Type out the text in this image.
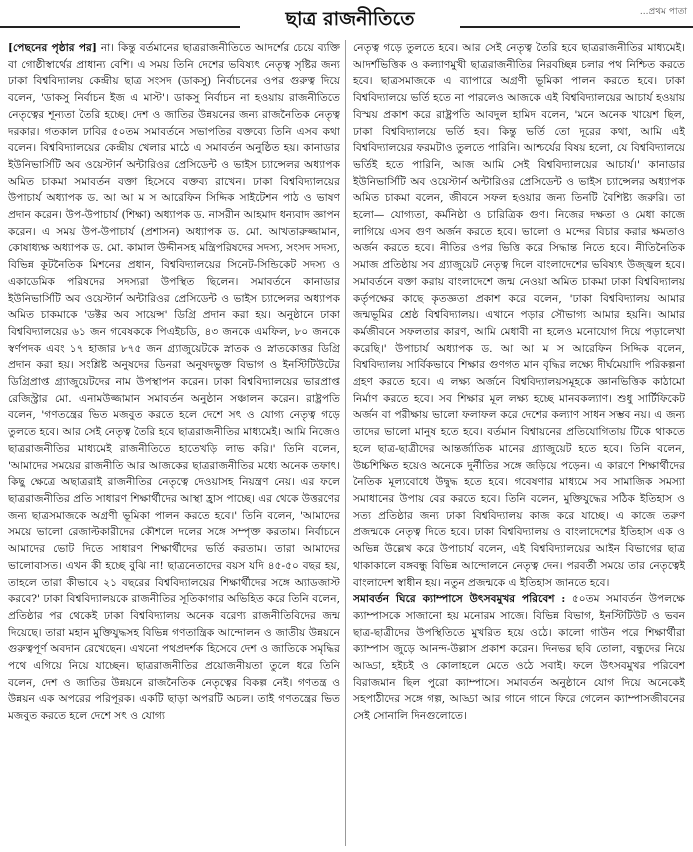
...প্ৰথম পাতা
ছাত্র রাজনীতিতে

[পেছনের পৃষ্ঠার পর] না। কিন্তু বর্তমানের ছাত্ররাজনীতিতে আদর্শের চেয়ে ব্যক্তি বা গোষ্ঠীস্বার্থের প্রাধান্য বেশি। এ সময় তিনি দেশের ভবিষ্যৎ নেতৃত্ব সৃষ্টির জন্য ঢাকা বিশ্ববিদ্যালয় কেন্দ্রীয় ছাত্র সংসদ (ডাকসু) নির্বাচনের ওপর গুরুত্ব দিয়ে বলেন, 'ডাকসু নির্বাচন ইজ এ মাস্ট'। ডাকসু নির্বাচন না হওয়ায় রাজনীতিতে নেতৃত্বের শূন্যতা তৈরি হচ্ছে। দেশ ও জাতির উন্নয়নের জন্য রাজনৈতিক নেতৃত্ব দরকার। গতকাল ঢাবির ৫০তম সমাবর্তনে সভাপতির বক্তব্যে তিনি এসব কথা বলেন। বিশ্ববিদ্যালয়ের কেন্দ্রীয় খেলার মাঠে এ সমাবর্তন অনুষ্ঠিত হয়। কানাডার ইউনিভার্সিটি অব ওয়েস্টার্ন অন্টারিওর প্রেসিডেন্ট ও ভাইস চ্যান্সেলর অধ্যাপক অমিত চাকমা সমাবর্তন বক্তা হিসেবে বক্তব্য রাখেন। ঢাকা বিশ্ববিদ্যালয়ের উপাচার্য অধ্যাপক ড. আ আ ম স আরেফিন সিদ্দিক সাইটেশন পাঠ ও ভাষণ প্রদান করেন। উপ-উপাচার্য (শিক্ষা) অধ্যাপক ড. নাসরীন আহমাদ ধন্যবাদ জ্ঞাপন করেন। এ সময় উপ-উপাচার্য (প্রশাসন) অধ্যাপক ড. মো. আখতারুজ্জামান, কোষাধ্যক্ষ অধ্যাপক ড. মো. কামাল উদ্দীনসহ মন্ত্রিপরিষদের সদস্য, সংসদ সদস্য, বিভিন্ন কূটনৈতিক মিশনের প্রধান, বিশ্ববিদ্যালয়ের সিনেট-সিন্ডিকেট সদস্য ও একাডেমিক পরিষদের সদস্যরা উপস্থিত ছিলেন। সমাবর্তনে কানাডার ইউনিভার্সিটি অব ওয়েস্টার্ন অন্টারিওর প্রেসিডেন্ট ও ভাইস চ্যান্সেলর অধ্যাপক অমিত চাকমাকে 'ডক্টর অব সায়েন্স' ডিগ্রি প্রদান করা হয়। অনুষ্ঠানে ঢাকা বিশ্ববিদ্যালয়ের ৬১ জন গবেষককে পিএইচডি, ৪৩ জনকে এমফিল, ৮০ জনকে স্বর্ণপদক এবং ১৭ হাজার ৮৭৫ জন গ্র্যাজুয়েটকে স্নাতক ও স্নাতকোত্তর ডিগ্রি প্রদান করা হয়। সংশ্লিষ্ট অনুষদের ডিনরা অনুষদভুক্ত বিভাগ ও ইনস্টিটিউটের ডিগ্রিপ্রাপ্ত গ্র্যাজুয়েটদের নাম উপস্থাপন করেন। ঢাকা বিশ্ববিদ্যালয়ের ভারপ্রাপ্ত রেজিস্ট্রার মো. এনামউজ্জামান সমাবর্তন অনুষ্ঠান সঞ্চালন করেন। রাষ্ট্রপতি বলেন, 'গণতন্ত্রের ভিত মজবুত করতে হলে দেশে সৎ ও যোগ্য নেতৃত্ব গড়ে তুলতে হবে। আর সেই নেতৃত্ব তৈরি হবে ছাত্ররাজনীতির মাধ্যমেই। আমি নিজেও ছাত্ররাজনীতির মাধ্যমেই রাজনীতিতে হাতেখড়ি লাভ করি।' তিনি বলেন, 'আমাদের সময়ের রাজনীতি আর আজকের ছাত্ররাজনীতির মধ্যে অনেক তফাৎ। কিছু ক্ষেত্রে অছাত্ররাই রাজনীতির নেতৃত্বে দেওয়াসহ নিয়ন্ত্রণ নেয়। এর ফলে ছাত্ররাজনীতির প্রতি সাধারণ শিক্ষার্থীদের আস্থা হ্রাস পাচ্ছে। এর থেকে উত্তরণের জন্য ছাত্রসমাজকে অগ্রণী ভূমিকা পালন করতে হবে।' তিনি বলেন, 'আমাদের সময়ে ভালো রেজাল্টকারীদের কৌশলে দলের সঙ্গে সম্পৃক্ত করতাম। নির্বাচনে আমাদের ভোট দিতে সাধারণ শিক্ষার্থীদের ভর্তি করতাম। তারা আমাদের ভালোবাসত। এখন কী হচ্ছে বুঝি না! ছাত্রনেতাদের বয়স যদি ৪৫-৫০ বছর হয়, তাহলে তারা কীভাবে ২১ বছরের বিশ্ববিদ্যালয়ের শিক্ষার্থীদের সঙ্গে অ্যাডজাস্ট করবে?' ঢাকা বিশ্ববিদ্যালয়কে রাজনীতির সূতিকাগার অভিহিত করে তিনি বলেন, প্রতিষ্ঠার পর থেকেই ঢাকা বিশ্ববিদ্যালয় অনেক বরেণ্য রাজনীতিবিদের জন্ম দিয়েছে। তারা মহান মুক্তিযুদ্ধসহ বিভিন্ন গণতান্ত্রিক আন্দোলন ও জাতীয় উন্নয়নে গুরুত্বপূর্ণ অবদান রেখেছেন। এখনো পথপ্রদর্শক হিসেবে দেশ ও জাতিকে সমৃদ্ধির পথে এগিয়ে নিয়ে যাচ্ছেন। ছাত্ররাজনীতির প্রয়োজনীয়তা তুলে ধরে তিনি বলেন, দেশ ও জাতির উন্নয়নে রাজনৈতিক নেতৃত্বের বিকল্প নেই। গণতন্ত্র ও উন্নয়ন এক অপরের পরিপূরক। একটি ছাড়া অপরটি অচল। তাই গণতন্ত্রের ভিত মজবুত করতে হলে দেশে সৎ ও যোগ্য

নেতৃত্ব গড়ে তুলতে হবে। আর সেই নেতৃত্ব তৈরি হবে ছাত্ররাজনীতির মাধ্যমেই। আদর্শভিত্তিক ও কল্যাণমুখী ছাত্ররাজনীতির নিরবচ্ছিন্ন চলার পথ নিশ্চিত করতে হবে। ছাত্রসমাজকে এ ব্যাপারে অগ্রণী ভূমিকা পালন করতে হবে। ঢাকা বিশ্ববিদ্যালয়ে ভর্তি হতে না পারলেও আজকে এই বিশ্ববিদ্যালয়ের আচার্য হওয়ায় বিস্ময় প্রকাশ করে রাষ্ট্রপতি আবদুল হামিদ বলেন, 'মনে অনেক খায়েশ ছিল, ঢাকা বিশ্ববিদ্যালয়ে ভর্তি হব। কিন্তু ভর্তি তো দূরের কথা, আমি এই বিশ্ববিদ্যালয়ের ফরমটাও তুলতে পারিনি। আশ্চর্যের বিষয় হলো, যে বিশ্ববিদ্যালয়ে ভর্তিই হতে পারিনি, আজ আমি সেই বিশ্ববিদ্যালয়ের আচার্য।' কানাডার ইউনিভার্সিটি অব ওয়েস্টার্ন অন্টারিওর প্রেসিডেন্ট ও ভাইস চ্যান্সেলর অধ্যাপক অমিত চাকমা বলেন, জীবনে সফল হওয়ার জন্য তিনটি বৈশিষ্ট্য জরুরি। তা হলো— যোগ্যতা, কর্মনিষ্ঠা ও চারিত্রিক গুণ। নিজের দক্ষতা ও মেধা কাজে লাগিয়ে এসব গুণ অর্জন করতে হবে। ভালো ও মন্দের বিচার করার ক্ষমতাও অর্জন করতে হবে। নীতির ওপর ভিত্তি করে সিদ্ধান্ত নিতে হবে। নীতিনৈতিক সমাজ প্রতিষ্ঠায় সব গ্র্যাজুয়েট নেতৃত্ব দিলে বাংলাদেশের ভবিষ্যৎ উজ্জ্বল হবে। সমাবর্তনে বক্তা করায় বাংলাদেশে জন্ম নেওয়া অমিত চাকমা ঢাকা বিশ্ববিদ্যালয় কর্তৃপক্ষের কাছে কৃতজ্ঞতা প্রকাশ করে বলেন, 'ঢাকা বিশ্ববিদ্যালয় আমার জন্মভূমির শ্রেষ্ঠ বিশ্ববিদ্যালয়। এখানে পড়ার সৌভাগ্য আমার হয়নি। আমার কর্মজীবনে সফলতার কারণ, আমি মেধাবী না হলেও মনোযোগ দিয়ে পড়ালেখা করেছি।' উপাচার্য অধ্যাপক ড. আ আ ম স আরেফিন সিদ্দিক বলেন, বিশ্ববিদ্যালয় সার্বিকভাবে শিক্ষার গুণগত মান বৃদ্ধির লক্ষ্যে দীর্ঘমেয়াদি পরিকল্পনা গ্রহণ করতে হবে। এ লক্ষ্য অর্জনে বিশ্ববিদ্যালয়সমূহকে জ্ঞানভিত্তিক কাঠামো নির্মাণ করতে হবে। সব শিক্ষার মূল লক্ষ্য হচ্ছে মানবকল্যাণ। শুধু সার্টিফিকেট অর্জন বা পরীক্ষায় ভালো ফলাফল করে দেশের কল্যাণ সাধন সম্ভব নয়। এ জন্য তাদের ভালো মানুষ হতে হবে। বর্তমান বিশ্বায়নের প্রতিযোগিতায় টিকে থাকতে হলে ছাত্র-ছাত্রীদের আন্তর্জাতিক মানের গ্র্যাজুয়েট হতে হবে। তিনি বলেন, উচ্চশিক্ষিত হয়েও অনেকে দুর্নীতির সঙ্গে জড়িয়ে পড়েন। এ কারণে শিক্ষার্থীদের নৈতিক মূল্যবোধে উদ্বুদ্ধ হতে হবে। গবেষণার মাধ্যমে সব সামাজিক সমস্যা সমাধানের উপায় বের করতে হবে। তিনি বলেন, মুক্তিযুদ্ধের সঠিক ইতিহাস ও সত্য প্রতিষ্ঠার জন্য ঢাকা বিশ্ববিদ্যালয় কাজ করে যাচ্ছে। এ কাজে তরুণ প্রজন্মকে নেতৃত্ব দিতে হবে। ঢাকা বিশ্ববিদ্যালয় ও বাংলাদেশের ইতিহাস এক ও অভিন্ন উল্লেখ করে উপাচার্য বলেন, এই বিশ্ববিদ্যালয়ের আইন বিভাগের ছাত্র থাকাকালে বঙ্গবন্ধু বিভিন্ন আন্দোলনে নেতৃত্ব দেন। পরবর্তী সময়ে তার নেতৃত্বেই বাংলাদেশ স্বাধীন হয়। নতুন প্রজন্মকে এ ইতিহাস জানতে হবে।

সমাবর্তন ঘিরে ক্যাম্পাসে উৎসবমুখর পরিবেশ : ৫০তম সমাবর্তন উপলক্ষে ক্যাম্পাসকে সাজানো হয় মনোরম সাজে। বিভিন্ন বিভাগ, ইনস্টিটিউট ও ভবন ছাত্র-ছাত্রীদের উপস্থিতিতে মুখরিত হয়ে ওঠে। কালো গাউন পরে শিক্ষার্থীরা ক্যাম্পাস জুড়ে আনন্দ-উল্লাস প্রকাশ করেন। দিনভর ছবি তোলা, বন্ধুদের নিয়ে আড্ডা, হইচই ও কোলাহলে মেতে ওঠে সবাই। ফলে উৎসবমুখর পরিবেশ বিরাজমান ছিল পুরো ক্যাম্পাসে। সমাবর্তন অনুষ্ঠানে যোগ দিয়ে অনেকেই সহপাঠীদের সঙ্গে গল্প, আড্ডা আর গানে গানে ফিরে গেলেন ক্যাম্পাসজীবনের সেই সোনালি দিনগুলোতে।
